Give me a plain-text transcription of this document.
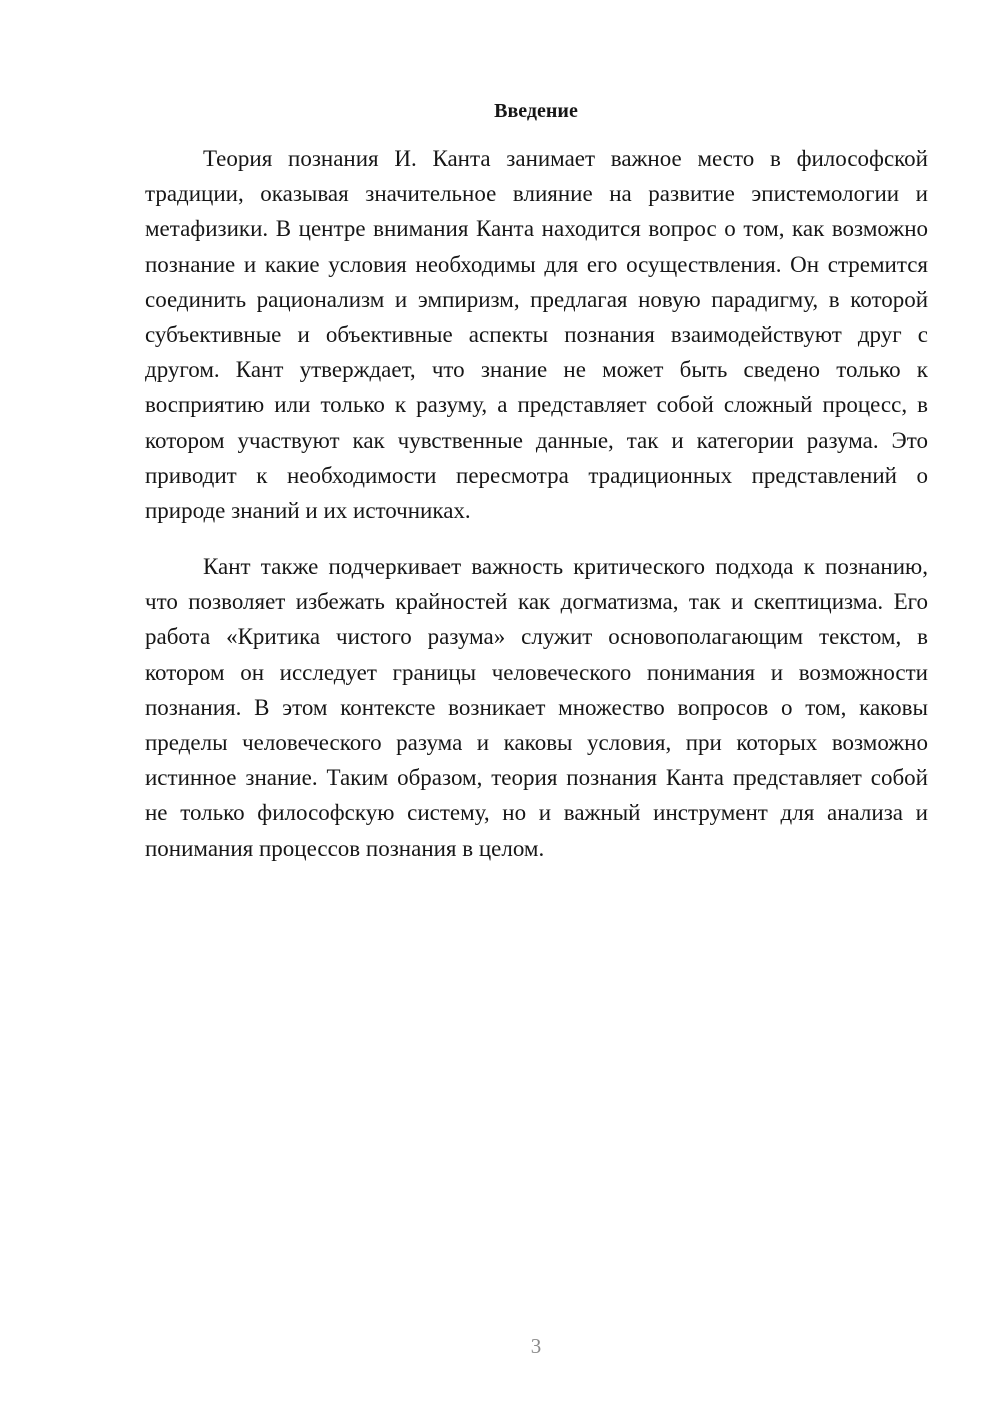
Введение

Теория познания И. Канта занимает важное место в философской традиции, оказывая значительное влияние на развитие эпистемологии и метафизики. В центре внимания Канта находится вопрос о том, как возможно познание и какие условия необходимы для его осуществления. Он стремится соединить рационализм и эмпиризм, предлагая новую парадигму, в которой субъективные и объективные аспекты познания взаимодействуют друг с другом. Кант утверждает, что знание не может быть сведено только к восприятию или только к разуму, а представляет собой сложный процесс, в котором участвуют как чувственные данные, так и категории разума. Это приводит к необходимости пересмотра традиционных представлений о природе знаний и их источниках.

Кант также подчеркивает важность критического подхода к познанию, что позволяет избежать крайностей как догматизма, так и скептицизма. Его работа «Критика чистого разума» служит основополагающим текстом, в котором он исследует границы человеческого понимания и возможности познания. В этом контексте возникает множество вопросов о том, каковы пределы человеческого разума и каковы условия, при которых возможно истинное знание. Таким образом, теория познания Канта представляет собой не только философскую систему, но и важный инструмент для анализа и понимания процессов познания в целом.

3
